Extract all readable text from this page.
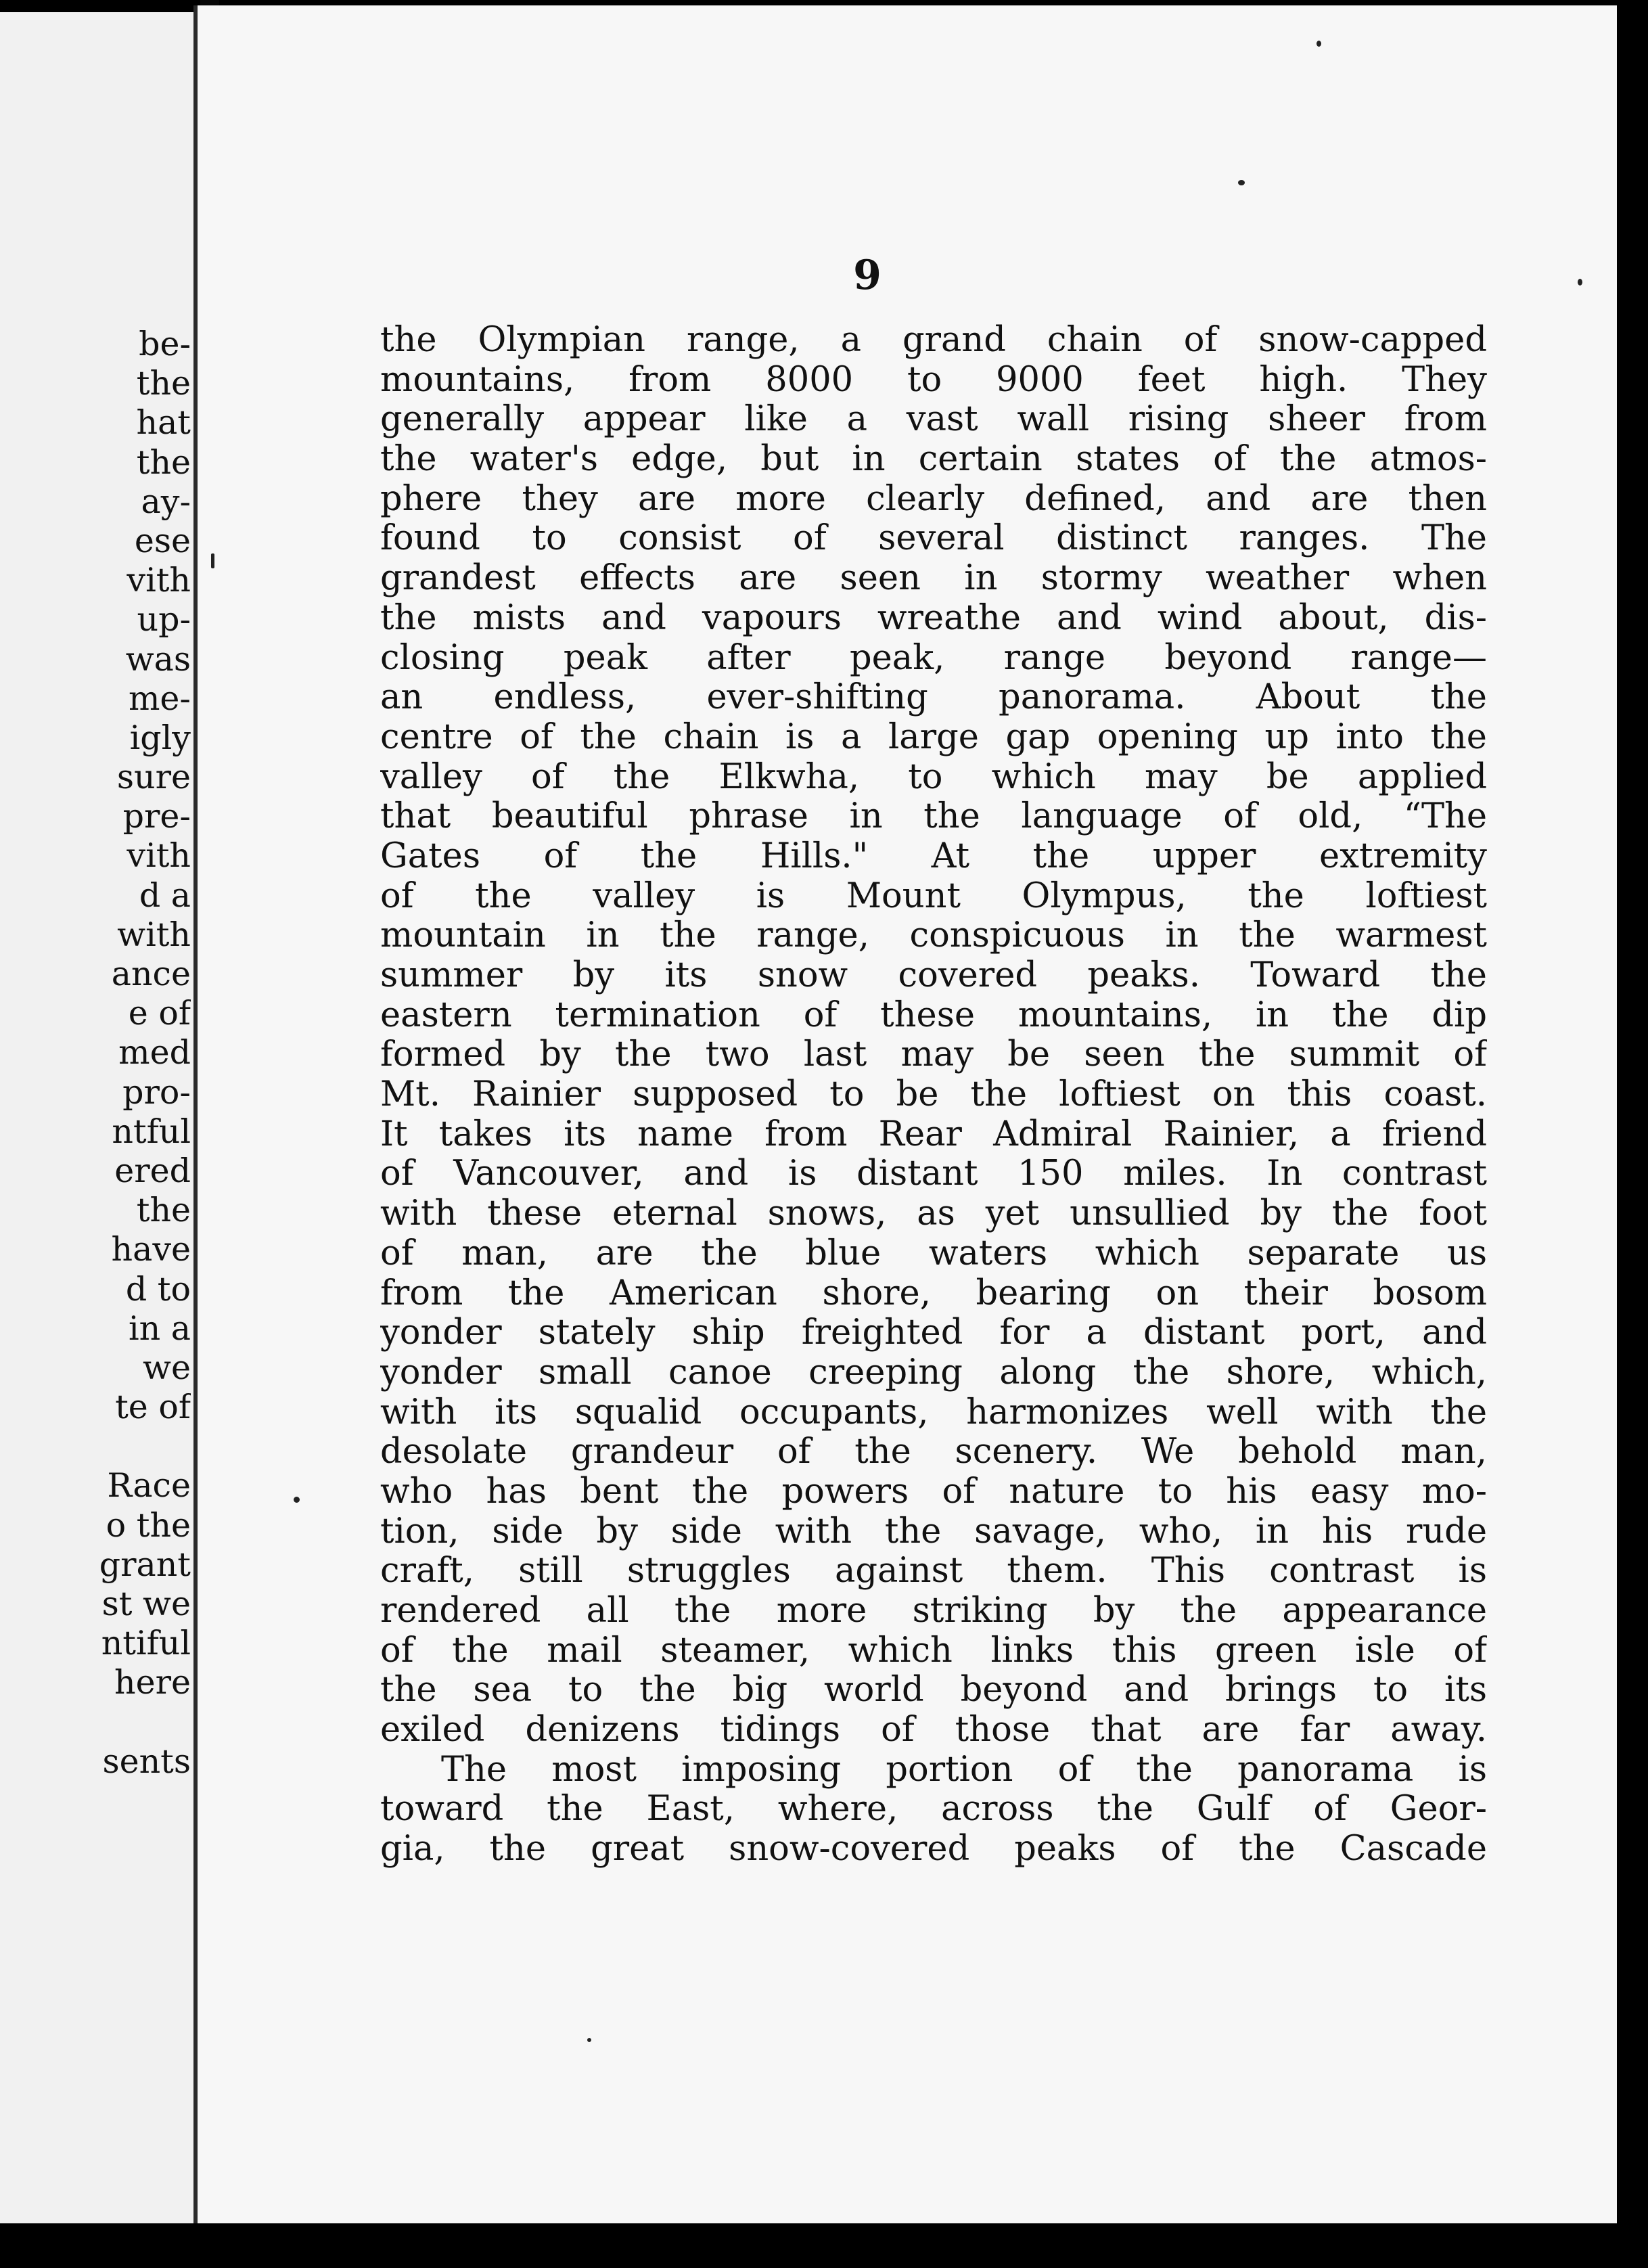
be-
the
hat
the
ay-
ese
vith
up-
was
me-
igly
sure
pre-
vith
d a
with
ance
e of
med
pro-
ntful
ered
the
have
d to
in a
we
te of
Race
o the
grant
st we
ntiful
here
sents
9
the Olympian range, a grand chain of snow-capped
mountains, from 8000 to 9000 feet high. They
generally appear like a vast wall rising sheer from
the water's edge, but in certain states of the atmos-
phere they are more clearly defined, and are then
found to consist of several distinct ranges. The
grandest effects are seen in stormy weather when
the mists and vapours wreathe and wind about, dis-
closing peak after peak, range beyond range—
an endless, ever-shifting panorama. About the
centre of the chain is a large gap opening up into the
valley of the Elkwha, to which may be applied
that beautiful phrase in the language of old, “The
Gates of the Hills." At the upper extremity
of the valley is Mount Olympus, the loftiest
mountain in the range, conspicuous in the warmest
summer by its snow covered peaks. Toward the
eastern termination of these mountains, in the dip
formed by the two last may be seen the summit of
Mt. Rainier supposed to be the loftiest on this coast.
It takes its name from Rear Admiral Rainier, a friend
of Vancouver, and is distant 150 miles. In contrast
with these eternal snows, as yet unsullied by the foot
of man, are the blue waters which separate us
from the American shore, bearing on their bosom
yonder stately ship freighted for a distant port, and
yonder small canoe creeping along the shore, which,
with its squalid occupants, harmonizes well with the
desolate grandeur of the scenery. We behold man,
who has bent the powers of nature to his easy mo-
tion, side by side with the savage, who, in his rude
craft, still struggles against them. This contrast is
rendered all the more striking by the appearance
of the mail steamer, which links this green isle of
the sea to the big world beyond and brings to its
exiled denizens tidings of those that are far away.
The most imposing portion of the panorama is
toward the East, where, across the Gulf of Geor-
gia, the great snow-covered peaks of the Cascade
